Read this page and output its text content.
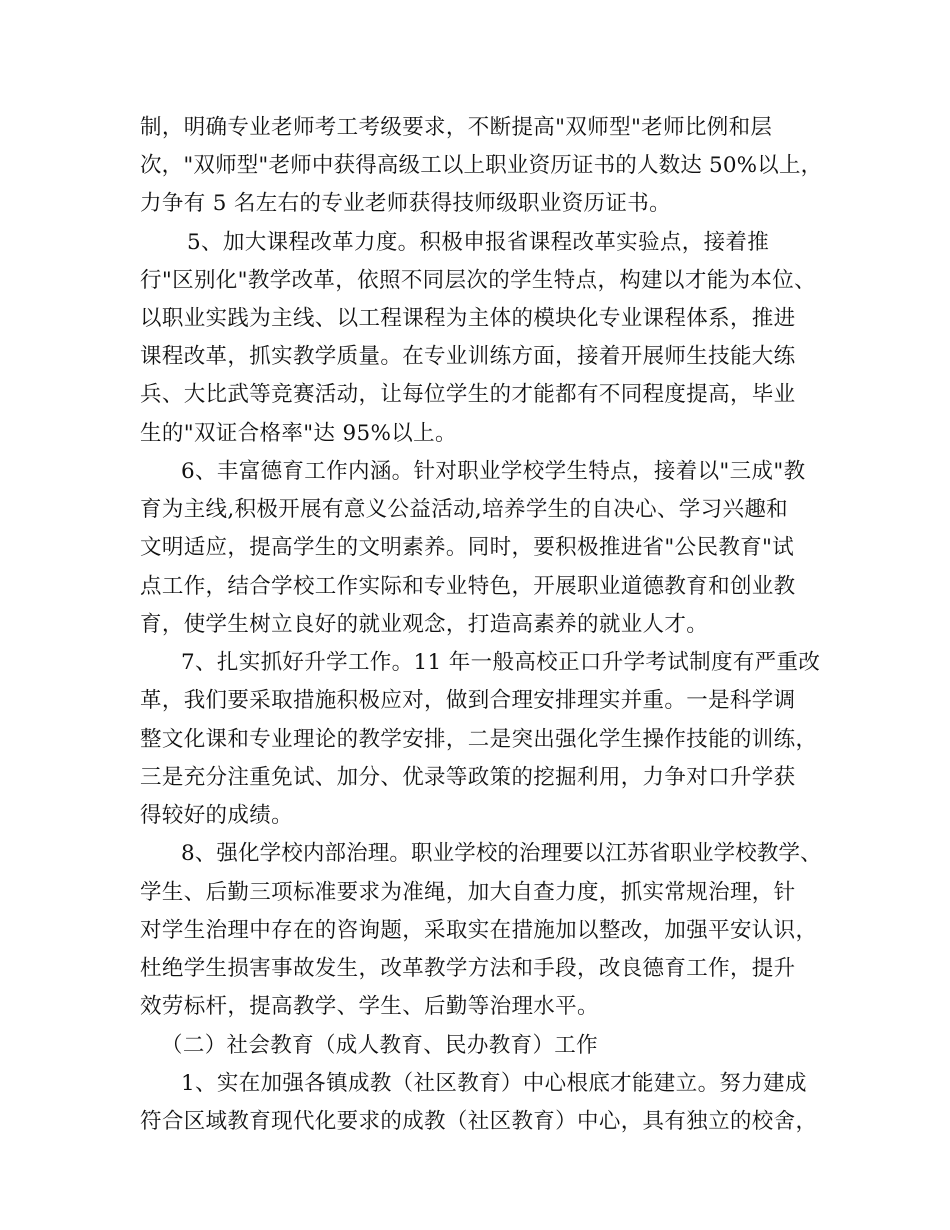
制，明确专业老师考工考级要求，不断提高"双师型"老师比例和层
次，"双师型"老师中获得高级工以上职业资历证书的人数达 50%以上，
力争有 5 名左右的专业老师获得技师级职业资历证书。
5、加大课程改革力度。积极申报省课程改革实验点，接着推
行"区别化"教学改革，依照不同层次的学生特点，构建以才能为本位、
以职业实践为主线、以工程课程为主体的模块化专业课程体系，推进
课程改革，抓实教学质量。在专业训练方面，接着开展师生技能大练
兵、大比武等竞赛活动，让每位学生的才能都有不同程度提高，毕业
生的"双证合格率"达 95%以上。
6、丰富德育工作内涵。针对职业学校学生特点，接着以"三成"教
育为主线,积极开展有意义公益活动,培养学生的自决心、学习兴趣和
文明适应，提高学生的文明素养。同时，要积极推进省"公民教育"试
点工作，结合学校工作实际和专业特色，开展职业道德教育和创业教
育，使学生树立良好的就业观念，打造高素养的就业人才。
7、扎实抓好升学工作。11 年一般高校正口升学考试制度有严重改
革，我们要采取措施积极应对，做到合理安排理实并重。一是科学调
整文化课和专业理论的教学安排，二是突出强化学生操作技能的训练，
三是充分注重免试、加分、优录等政策的挖掘利用，力争对口升学获
得较好的成绩。
8、强化学校内部治理。职业学校的治理要以江苏省职业学校教学、
学生、后勤三项标准要求为准绳，加大自查力度，抓实常规治理，针
对学生治理中存在的咨询题，采取实在措施加以整改，加强平安认识，
杜绝学生损害事故发生，改革教学方法和手段，改良德育工作，提升
效劳标杆，提高教学、学生、后勤等治理水平。
（二）社会教育（成人教育、民办教育）工作
1、实在加强各镇成教（社区教育）中心根底才能建立。努力建成
符合区域教育现代化要求的成教（社区教育）中心，具有独立的校舍，
